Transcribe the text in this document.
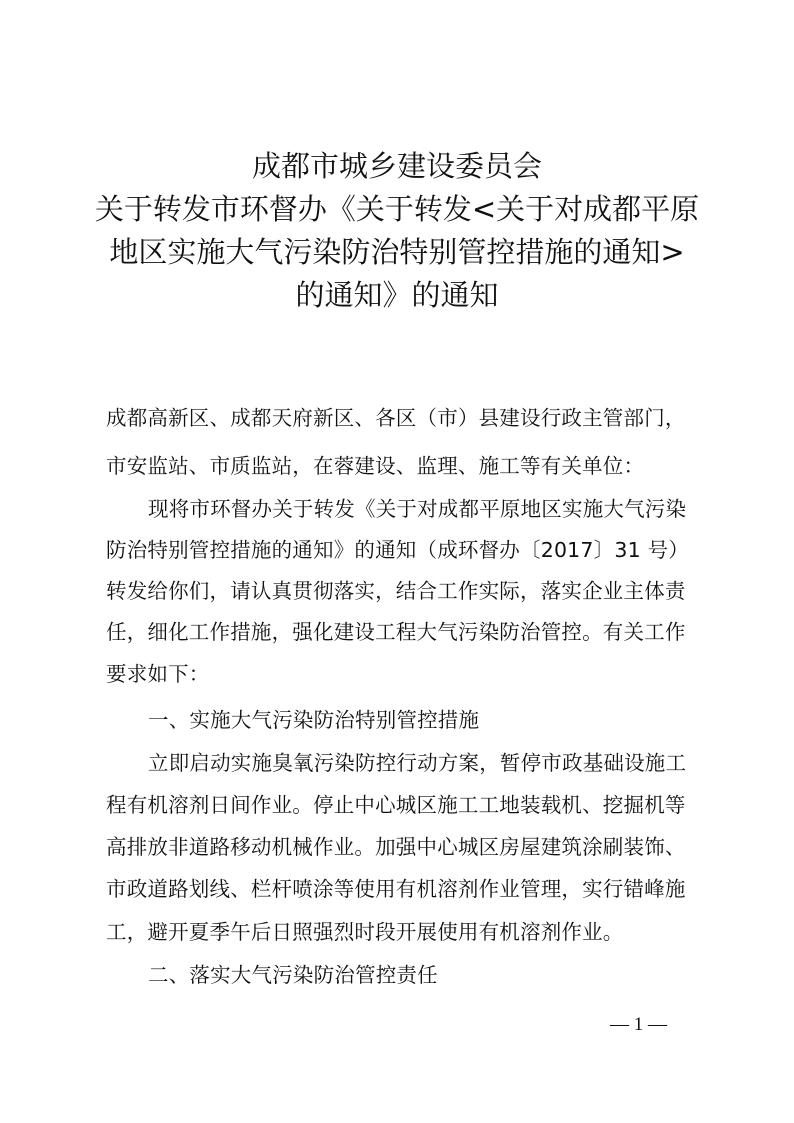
成都市城乡建设委员会
关于转发市环督办《关于转发<关于对成都平原
地区实施大气污染防治特别管控措施的通知>
的通知》的通知
成都高新区、成都天府新区、各区（市）县建设行政主管部门，
市安监站、市质监站，在蓉建设、监理、施工等有关单位：
现将市环督办关于转发《关于对成都平原地区实施大气污染
防治特别管控措施的通知》的通知（成环督办〔2017〕31 号）
转发给你们，请认真贯彻落实，结合工作实际，落实企业主体责
任，细化工作措施，强化建设工程大气污染防治管控。有关工作
要求如下：
一、实施大气污染防治特别管控措施
立即启动实施臭氧污染防控行动方案，暂停市政基础设施工
程有机溶剂日间作业。停止中心城区施工工地装载机、挖掘机等
高排放非道路移动机械作业。加强中心城区房屋建筑涂刷装饰、
市政道路划线、栏杆喷涂等使用有机溶剂作业管理，实行错峰施
工，避开夏季午后日照强烈时段开展使用有机溶剂作业。
二、落实大气污染防治管控责任
— 1 —
